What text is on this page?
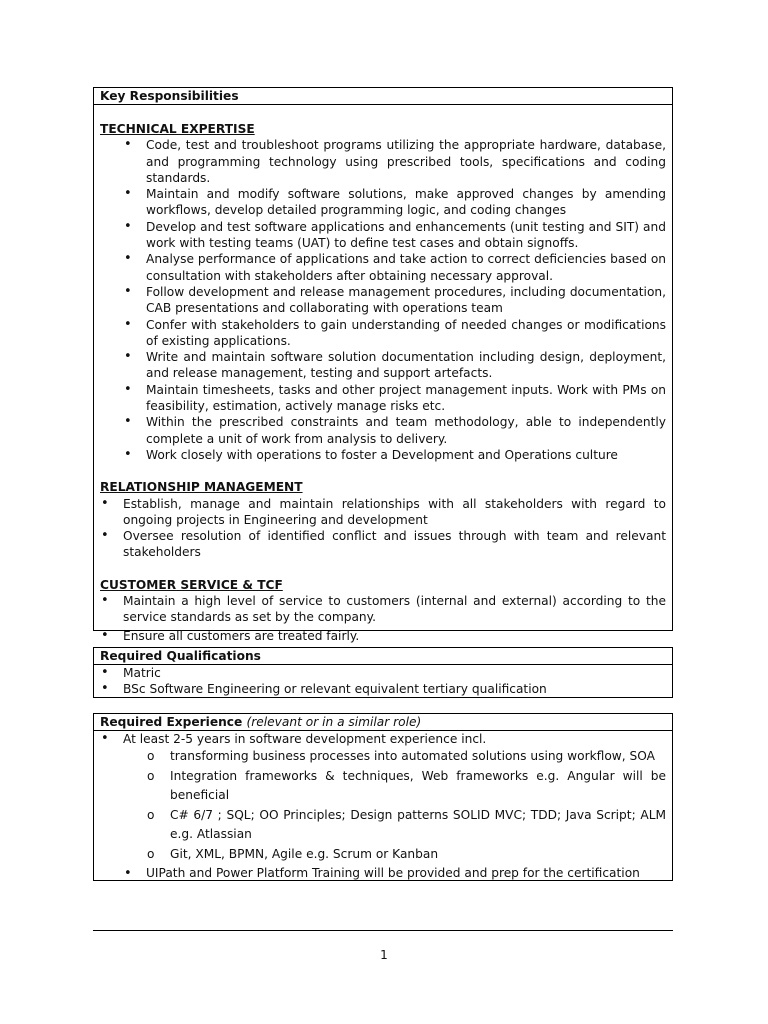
Key Responsibilities
TECHNICAL EXPERTISE
• Code, test and troubleshoot programs utilizing the appropriate hardware, database, and programming technology using prescribed tools, specifications and coding standards.
• Maintain and modify software solutions, make approved changes by amending workflows, develop detailed programming logic, and coding changes
• Develop and test software applications and enhancements (unit testing and SIT) and work with testing teams (UAT) to define test cases and obtain signoffs.
• Analyse performance of applications and take action to correct deficiencies based on consultation with stakeholders after obtaining necessary approval.
• Follow development and release management procedures, including documentation, CAB presentations and collaborating with operations team
• Confer with stakeholders to gain understanding of needed changes or modifications of existing applications.
• Write and maintain software solution documentation including design, deployment, and release management, testing and support artefacts.
• Maintain timesheets, tasks and other project management inputs. Work with PMs on feasibility, estimation, actively manage risks etc.
• Within the prescribed constraints and team methodology, able to independently complete a unit of work from analysis to delivery.
• Work closely with operations to foster a Development and Operations culture
RELATIONSHIP MANAGEMENT
• Establish, manage and maintain relationships with all stakeholders with regard to ongoing projects in Engineering and development
• Oversee resolution of identified conflict and issues through with team and relevant stakeholders
CUSTOMER SERVICE & TCF
• Maintain a high level of service to customers (internal and external) according to the service standards as set by the company.
• Ensure all customers are treated fairly.
Required Qualifications
• Matric
• BSc Software Engineering or relevant equivalent tertiary qualification
Required Experience (relevant or in a similar role)
• At least 2-5 years in software development experience incl.
o transforming business processes into automated solutions using workflow, SOA
o Integration frameworks & techniques, Web frameworks e.g. Angular will be beneficial
o C# 6/7 ; SQL; OO Principles; Design patterns SOLID MVC; TDD; Java Script; ALM e.g. Atlassian
o Git, XML, BPMN, Agile e.g. Scrum or Kanban
• UIPath and Power Platform Training will be provided and prep for the certification
1
